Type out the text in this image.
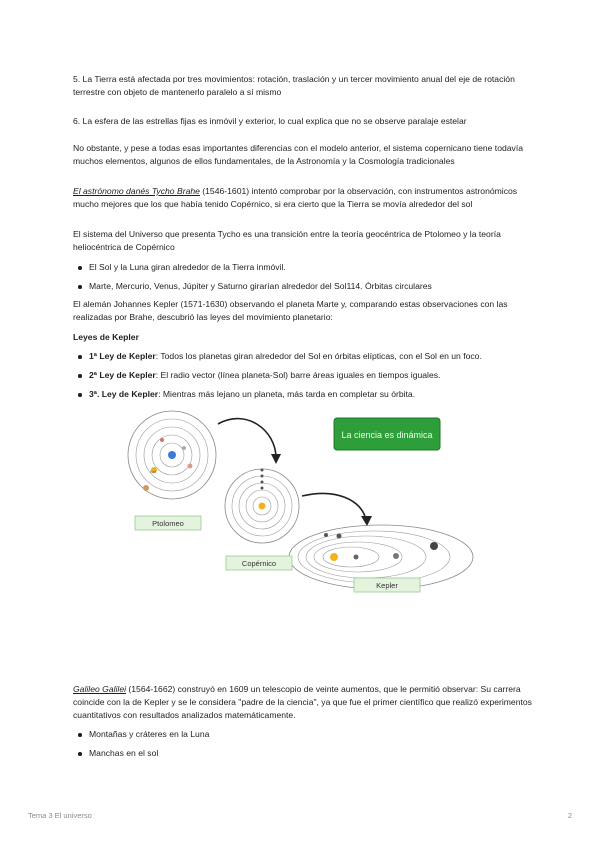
5. La Tierra está afectada por tres movimientos: rotación, traslación y un tercer movimiento anual del eje de rotación terrestre con objeto de mantenerlo paralelo a sí mismo

6. La esfera de las estrellas fijas es inmóvil y exterior, lo cual explica que no se observe paralaje estelar

No obstante, y pese a todas esas importantes diferencias con el modelo anterior, el sistema copernicano tiene todavía muchos elementos, algunos de ellos fundamentales, de la Astronomía y la Cosmología tradicionales

El astrónomo danés Tycho Brahe (1546-1601) intentó comprobar por la observación, con instrumentos astronómicos mucho mejores que los que había tenido Copérnico, si era cierto que la Tierra se movía alrededor del sol

El sistema del Universo que presenta Tycho es una transición entre la teoría geocéntrica de Ptolomeo y la teoría heliocéntrica de Copérnico

El Sol y la Luna giran alrededor de la Tierra inmóvil.
Marte, Mercurio, Venus, Júpiter y Saturno girarían alrededor del Sol114. Órbitas circulares

El alemán Johannes Kepler (1571-1630) observando el planeta Marte y, comparando estas observaciones con las realizadas por Brahe, descubrió las leyes del movimiento planetario:

Leyes de Kepler

1ª Ley de Kepler: Todos los planetas giran alrededor del Sol en órbitas elípticas, con el Sol en un foco.
2ª Ley de Kepler: El radio vector (línea planeta-Sol) barre áreas iguales en tiempos iguales.
3ª. Ley de Kepler: Mientras más lejano un planeta, más tarda en completar su órbita.
Sol
La ciencia es dinámica
Ptolomeo
Copérnico
Kepler

Galileo Galilei (1564-1662) construyó en 1609 un telescopio de veinte aumentos, que le permitió observar: Su carrera coincide con la de Kepler y se le considera "padre de la ciencia", ya que fue el primer científico que realizó experimentos cuantitativos con resultados analizados matemáticamente.

Montañas y cráteres en la Luna
Manchas en el sol
Tema 3 El universo	2
